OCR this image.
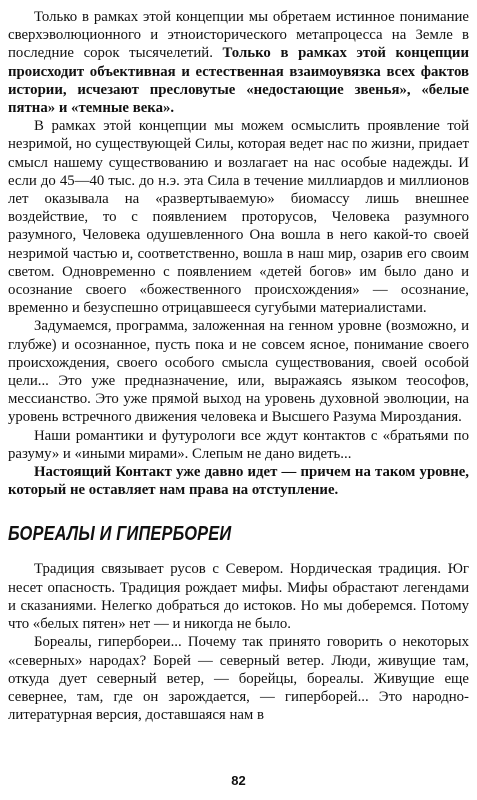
Только в рамках этой концепции мы обретаем истинное понимание сверхэволюционного и этноисторического метапроцесса на Земле в последние сорок тысячелетий. Только в рамках этой концепции происходит объективная и естественная взаимоувязка всех фактов истории, исчезают пресловутые «недостающие звенья», «белые пятна» и «темные века».

В рамках этой концепции мы можем осмыслить проявление той незримой, но существующей Силы, которая ведет нас по жизни, придает смысл нашему существованию и возлагает на нас особые надежды. И если до 45—40 тыс. до н.э. эта Сила в течение миллиардов и миллионов лет оказывала на «развертываемую» биомассу лишь внешнее воздействие, то с появлением проторусов, Человека разумного разумного, Человека одушевленного Она вошла в него какой-то своей незримой частью и, соответственно, вошла в наш мир, озарив его своим светом. Одновременно с появлением «детей богов» им было дано и осознание своего «божественного происхождения» — осознание, временно и безуспешно отрицавшееся сугубыми материалистами.

Задумаемся, программа, заложенная на генном уровне (возможно, и глубже) и осознанное, пусть пока и не совсем ясное, понимание своего происхождения, своего особого смысла существования, своей особой цели... Это уже предназначение, или, выражаясь языком теософов, мессианство. Это уже прямой выход на уровень духовной эволюции, на уровень встречного движения человека и Высшего Разума Мироздания.

Наши романтики и футурологи все ждут контактов с «братьями по разуму» и «иными мирами». Слепым не дано видеть...

Настоящий Контакт уже давно идет — причем на таком уровне, который не оставляет нам права на отступление.

БОРЕАЛЫ И ГИПЕРБОРЕИ

Традиция связывает русов с Севером. Нордическая традиция. Юг несет опасность. Традиция рождает мифы. Мифы обрастают легендами и сказаниями. Нелегко добраться до истоков. Но мы доберемся. Потому что «белых пятен» нет — и никогда не было.

Бореалы, гипербореи... Почему так принято говорить о некоторых «северных» народах? Борей — северный ветер. Люди, живущие там, откуда дует северный ветер, — борейцы, бореалы. Живущие еще севернее, там, где он зарождается, — гиперборей... Это народно-литературная версия, доставшаяся нам в

82
